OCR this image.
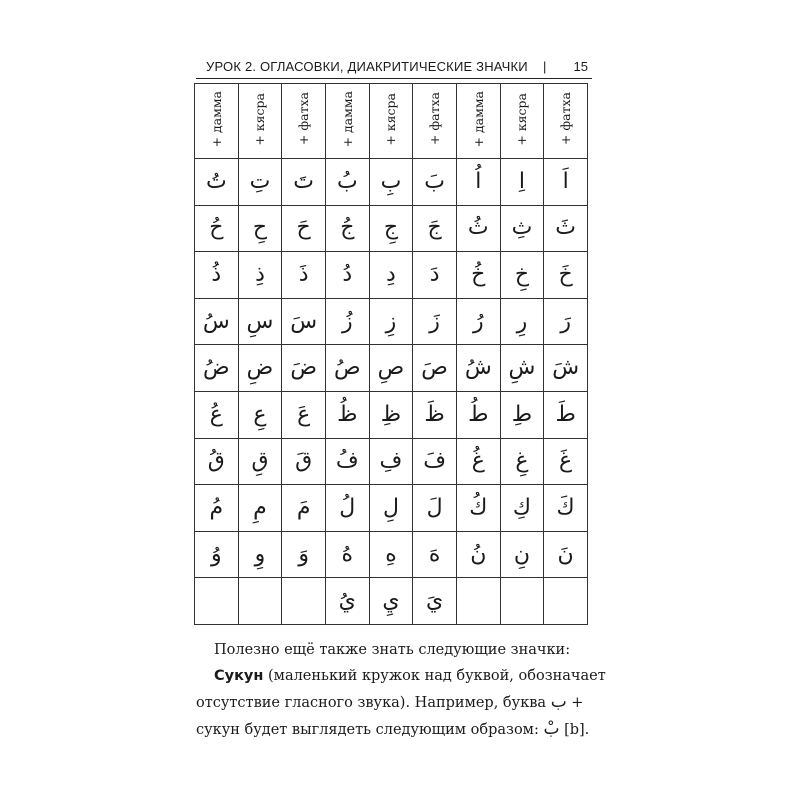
УРОК 2. ОГЛАСОВКИ, ДИАКРИТИЧЕСКИЕ ЗНАЧКИ | 15
+ дамма	+ кясра	+ фатха	+ дамма	+ кясра	+ фатха	+ дамма	+ кясра	+ фатха
تُ	تِ	تَ	بُ	بِ	بَ	اُ	اِ	اَ
حُ	حِ	حَ	جُ	جِ	جَ	ثُ	ثِ	ثَ
ذُ	ذِ	ذَ	دُ	دِ	دَ	خُ	خِ	خَ
سُ	سِ	سَ	زُ	زِ	زَ	رُ	رِ	رَ
ضُ	ضِ	ضَ	صُ	صِ	صَ	شُ	شِ	شَ
عُ	عِ	عَ	ظُ	ظِ	ظَ	طُ	طِ	طَ
قُ	قِ	قَ	فُ	فِ	فَ	غُ	غِ	غَ
مُ	مِ	مَ	لُ	لِ	لَ	كُ	كِ	كَ
وُ	وِ	وَ	هُ	هِ	هَ	نُ	نِ	نَ
			يُ	يِ	يَ			
Полезно ещё также знать следующие значки:
Сукун (маленький кружок над буквой, обозначает
отсутствие гласного звука). Например, буква ب +
сукун будет выглядеть следующим образом: بْ [b].
